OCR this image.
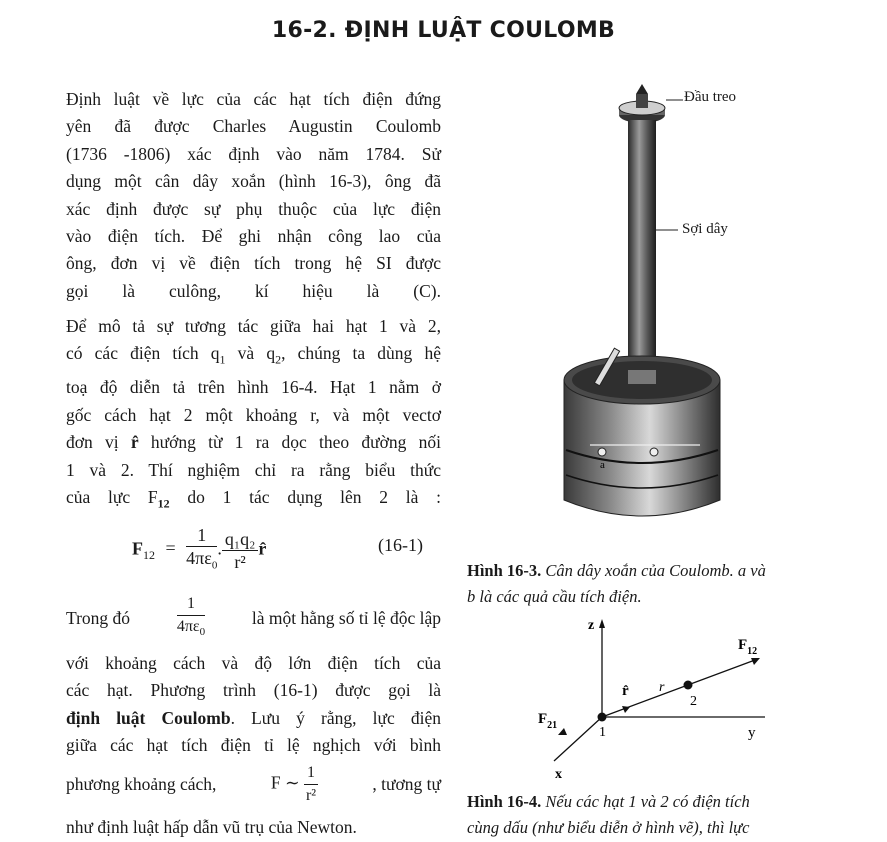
16-2. ĐỊNH LUẬT COULOMB
Định luật về lực của các hạt tích điện đứng
yên đã được Charles Augustin Coulomb
(1736 -1806) xác định vào năm 1784. Sử
dụng một cân dây xoắn (hình 16-3), ông đã
xác định được sự phụ thuộc của lực điện
vào điện tích. Để ghi nhận công lao của
ông, đơn vị về điện tích trong hệ SI được
gọi là culông, kí hiệu là (C).
Để mô tả sự tương tác giữa hai hạt 1 và 2,
có các điện tích $q_1$ và $q_2$, chúng ta dùng hệ
toạ độ diễn tả trên hình 16-4. Hạt 1 nằm ở
gốc cách hạt 2 một khoảng r, và một vectơ
đơn vị r̂ hướng từ 1 ra dọc theo đường nối
1 và 2. Thí nghiệm chỉ ra rằng biểu thức
của lực $F_{12}$ do 1 tác dụng lên 2 là :
$F_{12} = \frac{1}{4\pi\varepsilon_0}$ . $\frac{\text{q₁q₂}}{\text{r²}}$ r̂	(16-1)
Trong đó	$\frac{1}{4\pi\varepsilon_0}$	là một hằng số tỉ lệ độc lập
với khoảng cách và độ lớn điện tích của
các hạt. Phương trình (16-1) được gọi là
định luật Coulomb. Lưu ý rằng, lực điện
giữa các hạt tích điện tỉ lệ nghịch với bình
phương khoảng cách,	F ∼ $\frac{1}{\text{r²}}$	, tương tự
như định luật hấp dẫn vũ trụ của Newton.
a
Đầu treo
Sợi dây
Hình 16-3. Cân dây xoắn của Coulomb. a và
b là các quả cầu tích điện.
z
y
x
1
2
r
r̂
$F_{12}$
$F_{21}$
Hình 16-4. Nếu các hạt 1 và 2 có điện tích
cùng dấu (như biểu diễn ở hình vẽ), thì lực
